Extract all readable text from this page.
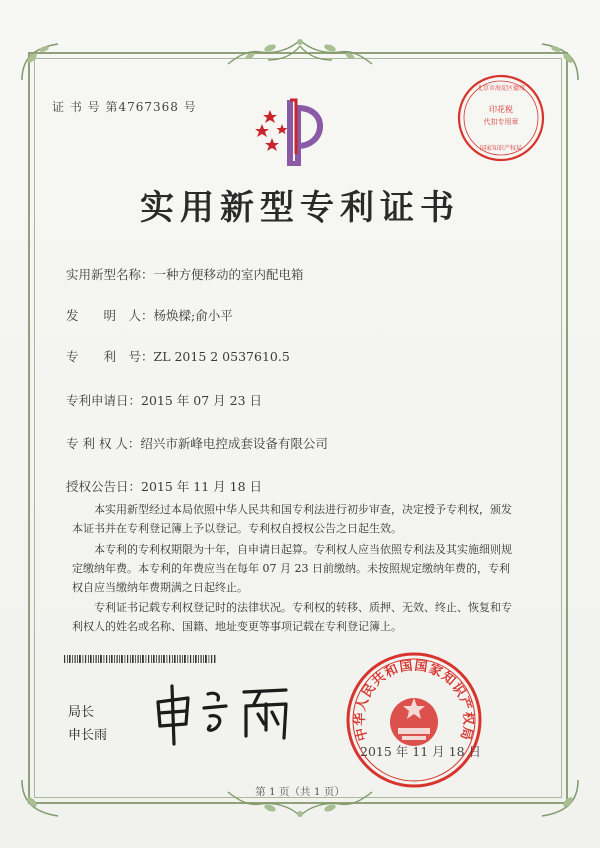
证 书 号 第4767368 号	印花税
代扣专用章
北京市海淀区德茂
国家知识产权局
实用新型专利证书
实用新型名称：一种方便移动的室内配电箱
发　　明　人：杨焕樑;俞小平
专　　利　号：ZL 2015 2 0537610.5
专利申请日：2015 年 07 月 23 日
专 利 权 人：绍兴市新峰电控成套设备有限公司
授权公告日：2015 年 11 月 18 日
本实用新型经过本局依照中华人民共和国专利法进行初步审查，决定授予专利权，颁发本证书并在专利登记簿上予以登记。专利权自授权公告之日起生效。
本专利的专利权期限为十年，自申请日起算。专利权人应当依照专利法及其实施细则规定缴纳年费。本专利的年费应当在每年 07 月 23 日前缴纳。未按照规定缴纳年费的，专利权自应当缴纳年费期满之日起终止。
专利证书记载专利权登记时的法律状况。专利权的转移、质押、无效、终止、恢复和专利权人的姓名或名称、国籍、地址变更等事项记载在专利登记簿上。
局长
申长雨	中华人民共和国国家知识产权局
2015 年 11 月 18 日
第 1 页（共 1 页）
